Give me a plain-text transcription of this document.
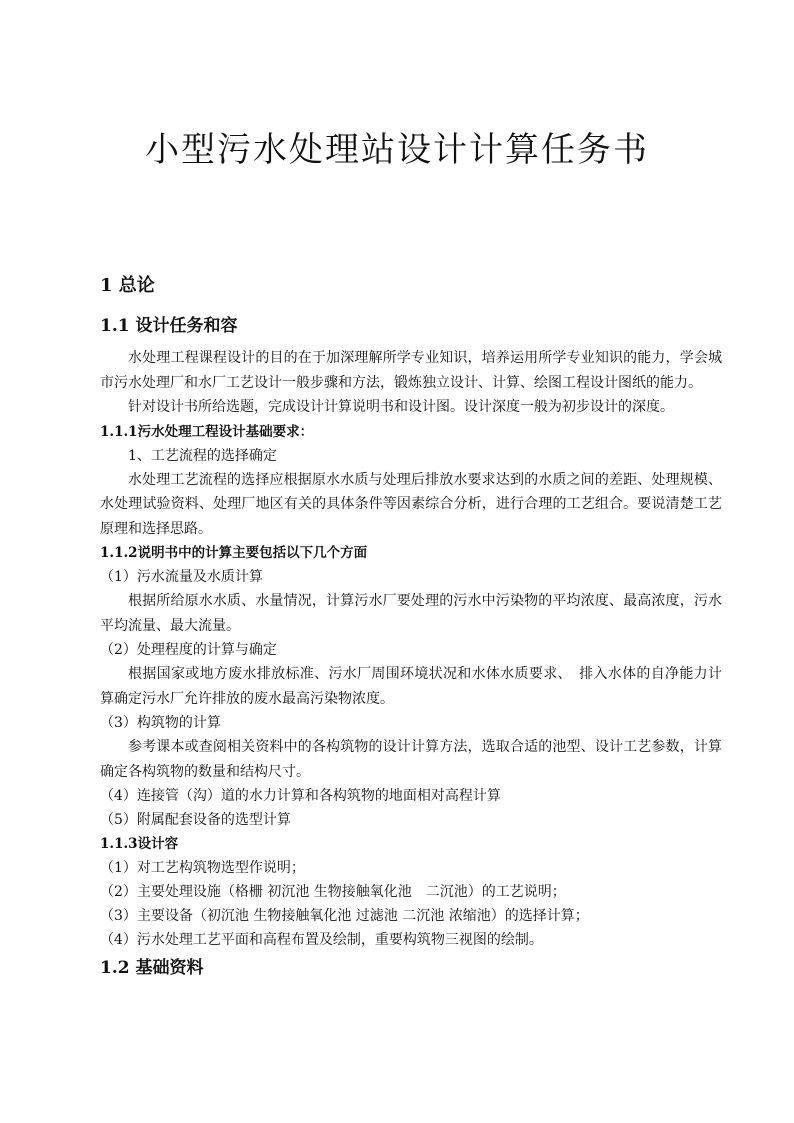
小型污水处理站设计计算任务书
1 总论
1.1 设计任务和容

水处理工程课程设计的目的在于加深理解所学专业知识，培养运用所学专业知识的能力，学会城市污水处理厂和水厂工艺设计一般步骤和方法，锻炼独立设计、计算、绘图工程设计图纸的能力。

针对设计书所给选题，完成设计计算说明书和设计图。设计深度一般为初步设计的深度。

1.1.1污水处理工程设计基础要求：

1、工艺流程的选择确定

水处理工艺流程的选择应根据原水水质与处理后排放水要求达到的水质之间的差距、处理规模、水处理试验资料、处理厂地区有关的具体条件等因素综合分析，进行合理的工艺组合。要说清楚工艺原理和选择思路。

1.1.2说明书中的计算主要包括以下几个方面

（1）污水流量及水质计算

根据所给原水水质、水量情况，计算污水厂要处理的污水中污染物的平均浓度、最高浓度，污水平均流量、最大流量。

（2）处理程度的计算与确定

根据国家或地方废水排放标准、污水厂周围环境状况和水体水质要求、　排入水体的自净能力计算确定污水厂允许排放的废水最高污染物浓度。

（3）构筑物的计算

参考课本或查阅相关资料中的各构筑物的设计计算方法，选取合适的池型、设计工艺参数，计算确定各构筑物的数量和结构尺寸。

（4）连接管（沟）道的水力计算和各构筑物的地面相对高程计算

（5）附属配套设备的选型计算

1.1.3设计容

（1）对工艺构筑物选型作说明；

（2）主要处理设施（格栅 初沉池 生物接触氧化池　二沉池）的工艺说明；

（3）主要设备（初沉池 生物接触氧化池 过滤池 二沉池 浓缩池）的选择计算；

（4）污水处理工艺平面和高程布置及绘制，重要构筑物三视图的绘制。

1.2 基础资料
